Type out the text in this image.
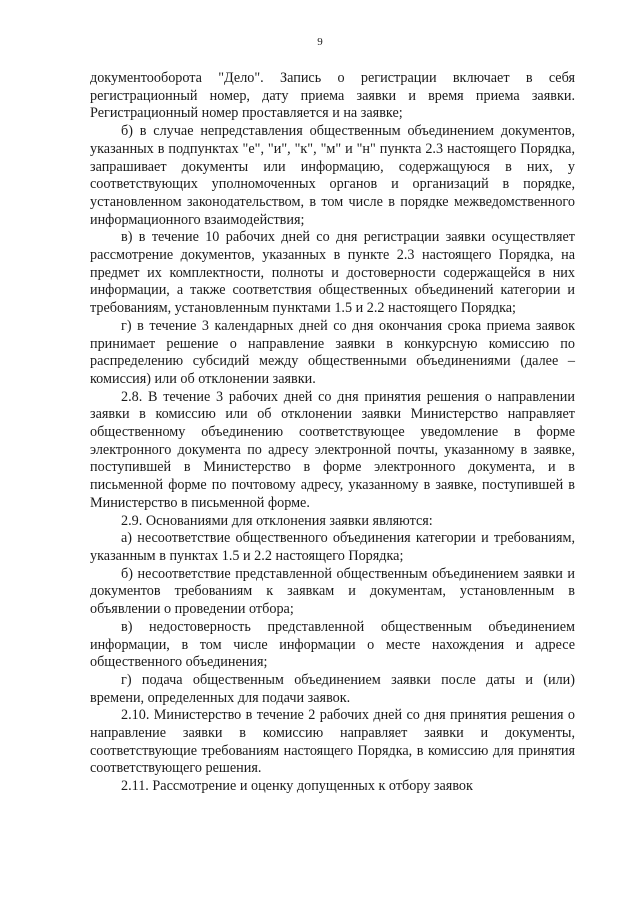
9

документооборота "Дело". Запись о регистрации включает в себя регистрационный номер, дату приема заявки и время приема заявки. Регистрационный номер проставляется и на заявке;

б) в случае непредставления общественным объединением документов, указанных в подпунктах "е", "и", "к", "м" и "н" пункта 2.3 настоящего Порядка, запрашивает документы или информацию, содержащуюся в них, у соответствующих уполномоченных органов и организаций в порядке, установленном законодательством, в том числе в порядке межведомственного информационного взаимодействия;

в) в течение 10 рабочих дней со дня регистрации заявки осуществляет рассмотрение документов, указанных в пункте 2.3 настоящего Порядка, на предмет их комплектности, полноты и достоверности содержащейся в них информации, а также соответствия общественных объединений категории и требованиям, установленным пунктами 1.5 и 2.2 настоящего Порядка;

г) в течение 3 календарных дней со дня окончания срока приема заявок принимает решение о направление заявки в конкурсную комиссию по распределению субсидий между общественными объединениями (далее – комиссия) или об отклонении заявки.

2.8. В течение 3 рабочих дней со дня принятия решения о направлении заявки в комиссию или об отклонении заявки Министерство направляет общественному объединению соответствующее уведомление в форме электронного документа по адресу электронной почты, указанному в заявке, поступившей в Министерство в форме электронного документа, и в письменной форме по почтовому адресу, указанному в заявке, поступившей в Министерство в письменной форме.

2.9. Основаниями для отклонения заявки являются:

а) несоответствие общественного объединения категории и требованиям, указанным в пунктах 1.5 и 2.2 настоящего Порядка;

б) несоответствие представленной общественным объединением заявки и документов требованиям к заявкам и документам, установленным в объявлении о проведении отбора;

в) недостоверность представленной общественным объединением информации, в том числе информации о месте нахождения и адресе общественного объединения;

г) подача общественным объединением заявки после даты и (или) времени, определенных для подачи заявок.

2.10. Министерство в течение 2 рабочих дней со дня принятия решения о направление заявки в комиссию направляет заявки и документы, соответствующие требованиям настоящего Порядка, в комиссию для принятия соответствующего решения.

2.11. Рассмотрение и оценку допущенных к отбору заявок
